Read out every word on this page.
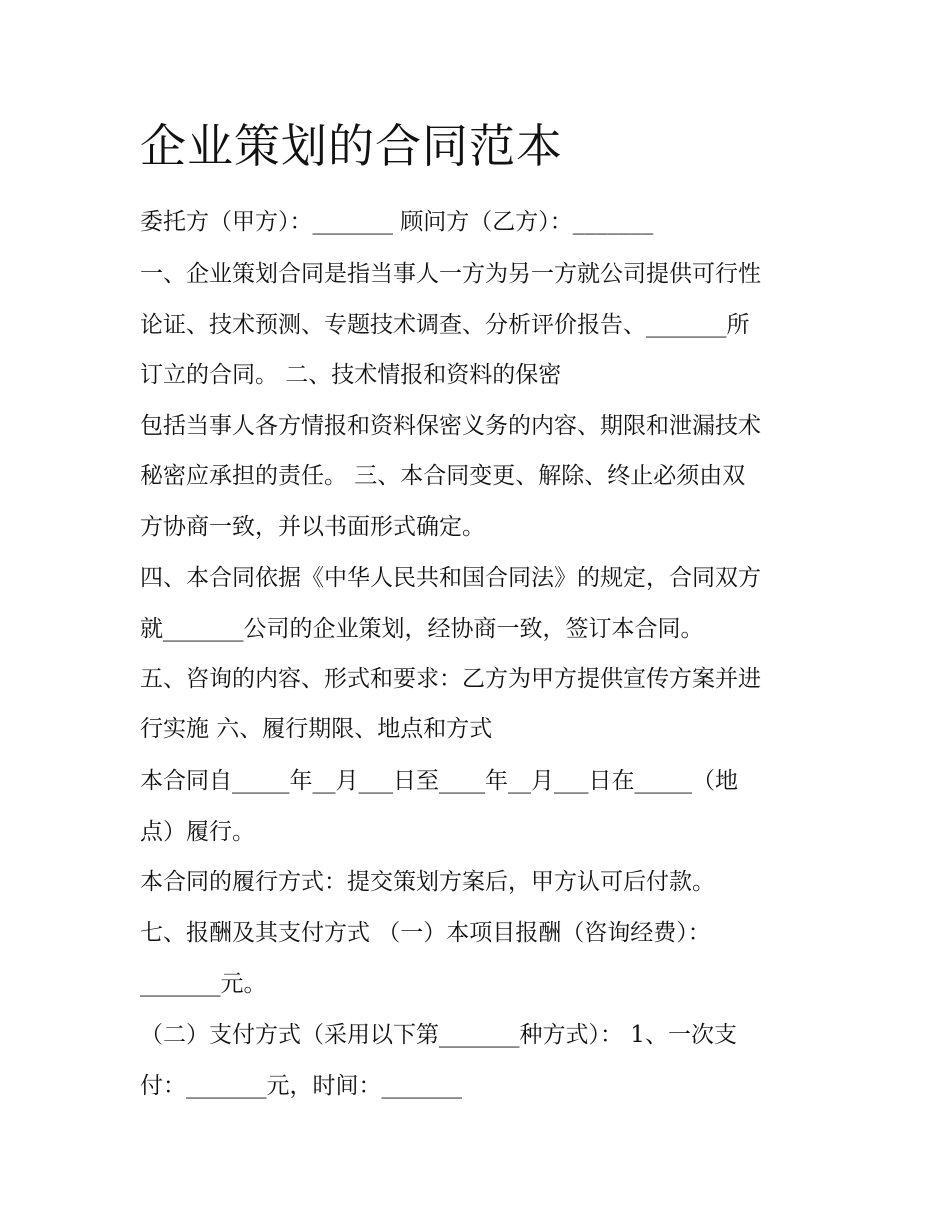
企业策划的合同范本
委托方（甲方）：_______ 顾问方（乙方）：_______
一、企业策划合同是指当事人一方为另一方就公司提供可行性
论证、技术预测、专题技术调查、分析评价报告、_______所
订立的合同。 二、技术情报和资料的保密
包括当事人各方情报和资料保密义务的内容、期限和泄漏技术
秘密应承担的责任。 三、本合同变更、解除、终止必须由双
方协商一致，并以书面形式确定。
四、本合同依据《中华人民共和国合同法》的规定，合同双方
就_______公司的企业策划，经协商一致，签订本合同。
五、咨询的内容、形式和要求：乙方为甲方提供宣传方案并进
行实施 六、履行期限、地点和方式
本合同自_____年__月___日至____年__月___日在_____（地
点）履行。
本合同的履行方式：提交策划方案后，甲方认可后付款。
七、报酬及其支付方式 （一）本项目报酬（咨询经费）：
_______元。
（二）支付方式（采用以下第_______种方式）： 1、一次支
付：_______元，时间：_______
